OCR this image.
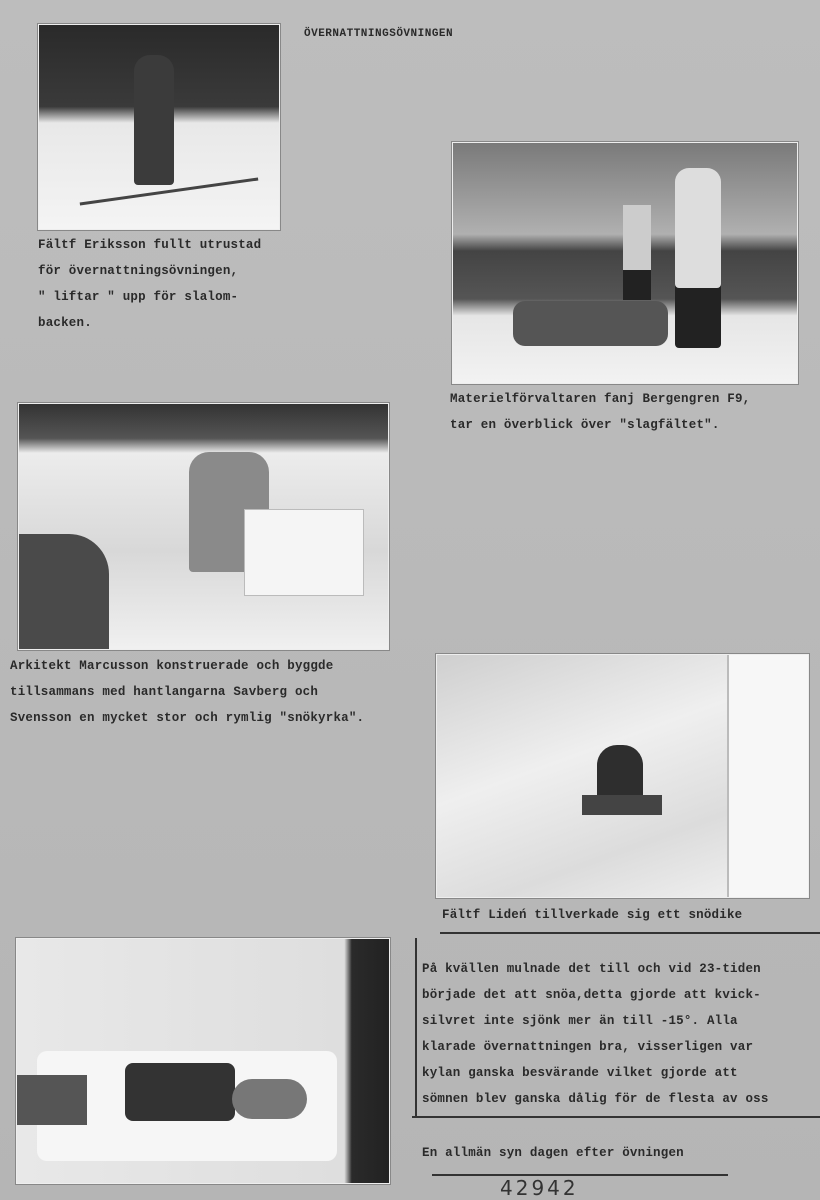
ÖVERNATTNINGSÖVNINGEN
Fältf Eriksson fullt utrustad
för övernattningsövningen,
" liftar " upp för slalom-
backen.
Materielförvaltaren fanj Bergengren F9,
tar en överblick över "slagfältet".
Arkitekt Marcusson konstruerade och byggde
tillsammans med hantlangarna Savberg och
Svensson en mycket stor och rymlig "snökyrka".
Fältf Lideń tillverkade sig ett snödike
På kvällen mulnade det till och vid 23-tiden
började det att snöa,detta gjorde att kvick-
silvret inte sjönk mer än till -15°. Alla
klarade övernattningen bra, visserligen var
kylan ganska besvärande vilket gjorde att
sömnen blev ganska dålig för de flesta av oss
En allmän syn dagen efter övningen
42942
